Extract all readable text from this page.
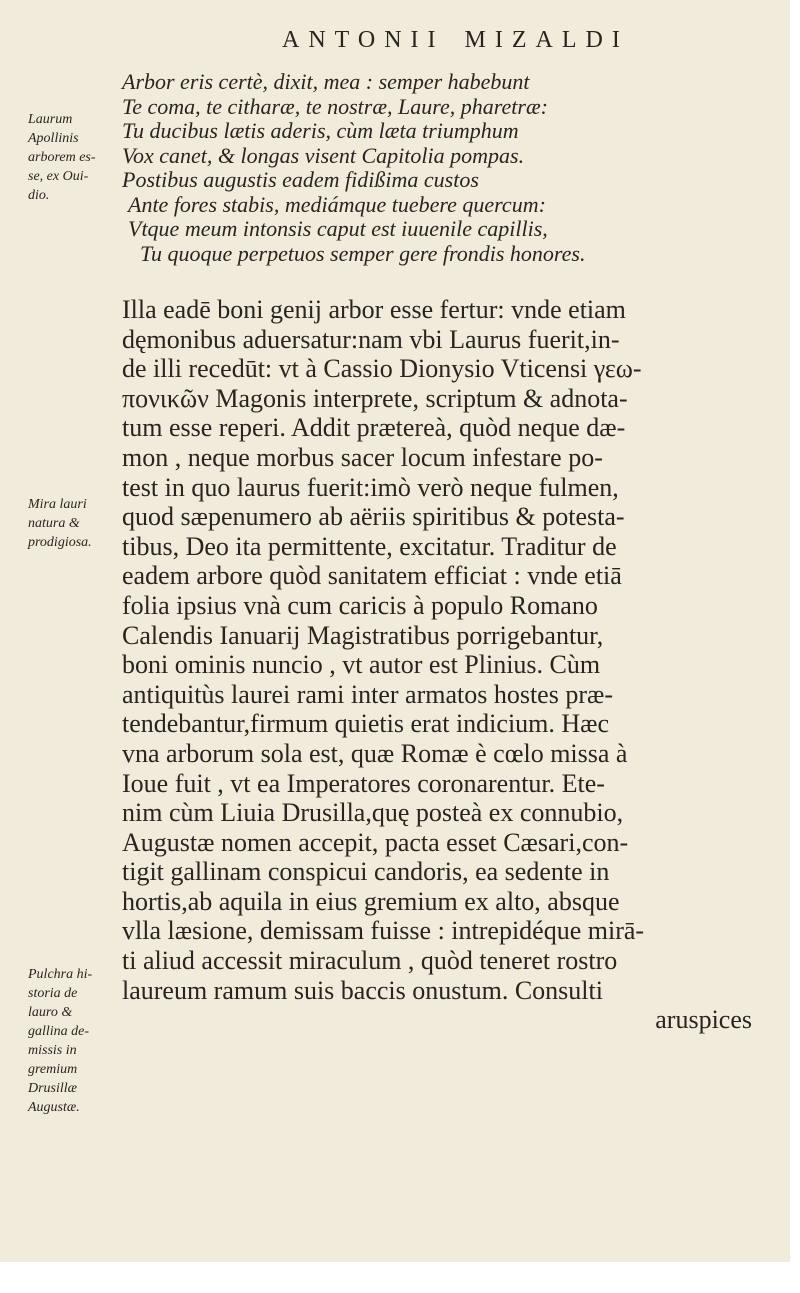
ANTONII MIZALDI
Laurum
Apollinis
arborem es-
se, ex Oui-
dio.
Mira lauri
natura &
prodigiosa.
Pulchra hi-
storia de
lauro &
gallina de-
missis in
gremium
Drusillæ
Augustæ.
Arbor eris certè, dixit, mea : semper habebunt
Te coma, te citharæ, te nostræ, Laure, pharetræ:
Tu ducibus lætis aderis, cùm læta triumphum
Vox canet, & longas visent Capitolia pompas.
Postibus augustis eadem fidißima custos
Ante fores stabis, mediámque tuebere quercum:
Vtque meum intonsis caput est iuuenile capillis,
Tu quoque perpetuos semper gere frondis honores.
Illa eadē boni genij arbor esse fertur: vnde etiam
dęmonibus aduersatur:nam vbi Laurus fuerit,in-
de illi recedūt: vt à Cassio Dionysio Vticensi γεω-
πονικῶν Magonis interprete, scriptum & adnota-
tum esse reperi. Addit prætereà, quòd neque dæ-
mon , neque morbus sacer locum infestare po-
test in quo laurus fuerit:imò verò neque fulmen,
quod sæpenumero ab aëriis spiritibus & potesta-
tibus, Deo ita permittente, excitatur. Traditur de
eadem arbore quòd sanitatem efficiat : vnde etiā
folia ipsius vnà cum caricis à populo Romano
Calendis Ianuarij Magistratibus porrigebantur,
boni ominis nuncio , vt autor est Plinius. Cùm
antiquitùs laurei rami inter armatos hostes præ-
tendebantur,firmum quietis erat indicium. Hæc
vna arborum sola est, quæ Romæ è cœlo missa à
Ioue fuit , vt ea Imperatores coronarentur. Ete-
nim cùm Liuia Drusilla,quę posteà ex connubio,
Augustæ nomen accepit, pacta esset Cæsari,con-
tigit gallinam conspicui candoris, ea sedente in
hortis,ab aquila in eius gremium ex alto, absque
vlla læsione, demissam fuisse : intrepidéque mirā-
ti aliud accessit miraculum , quòd teneret rostro
laureum ramum suis baccis onustum. Consulti
aruspices
